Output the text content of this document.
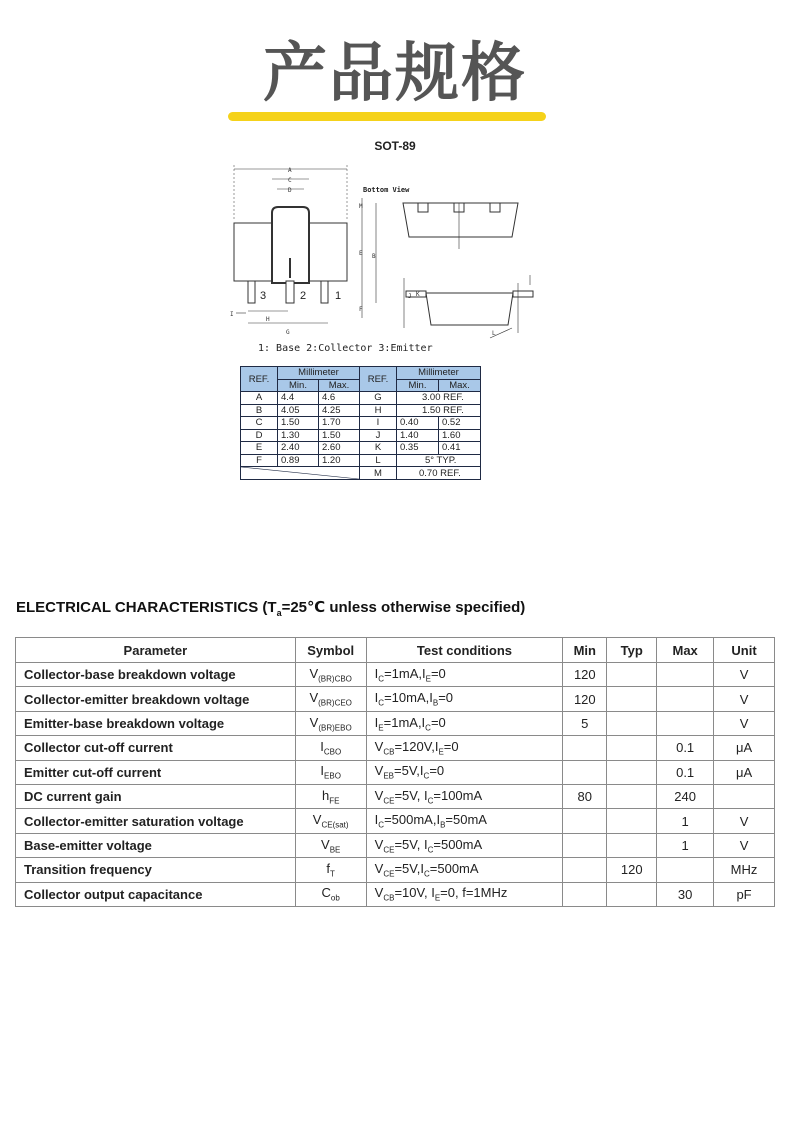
产品规格
SOT-89
A
C
D
B
M
E
F
G
H
I
J K
L
Bottom View
3	2	1
1: Base 2:Collector 3:Emitter
REF.	Millimeter		REF.	Millimeter	
	Min.	Max.		Min.	Max.
A	4.4	4.6	G	3.00 REF.	
B	4.05	4.25	H	1.50 REF.	
C	1.50	1.70	I	0.40	0.52
D	1.30	1.50	J	1.40	1.60
E	2.40	2.60	K	0.35	0.41
F	0.89	1.20	L	5° TYP.	

	M	0.70 REF.	
ELECTRICAL CHARACTERISTICS ($T_a=25℃$ unless otherwise specified)
Parameter	Symbol	Test conditions	Min	Typ	Max	Unit
Collector-base breakdown voltage	$V_{(BR)CBO}$	$I_C=1mA,I_E=0$	120			V
Collector-emitter breakdown voltage	$V_{(BR)CEO}$	$I_C=10mA,I_B=0$	120			V
Emitter-base breakdown voltage	$V_{(BR)EBO}$	$I_E=1mA,I_C=0$	5			V
Collector cut-off current	$I_{CBO}$	$V_{CB}=120V,I_E=0$			0.1	μA
Emitter cut-off current	$I_{EBO}$	$V_{EB}=5V,I_C=0$			0.1	μA
DC current gain	$h_{FE}$	$V_{CE}=5V$, $I_C=100mA$	80		240	
Collector-emitter saturation voltage	$V_{CE(sat)}$	$I_C=500mA,I_B=50mA$			1	V
Base-emitter voltage	$V_{BE}$	$V_{CE}=5V$, $I_C=500mA$			1	V
Transition frequency	$f_T$	$V_{CE}=5V,I_C=500mA$		120		MHz
Collector output capacitance	$C_{ob}$	$V_{CB}=10V$, $I_E=0$, f=1MHz			30	pF
